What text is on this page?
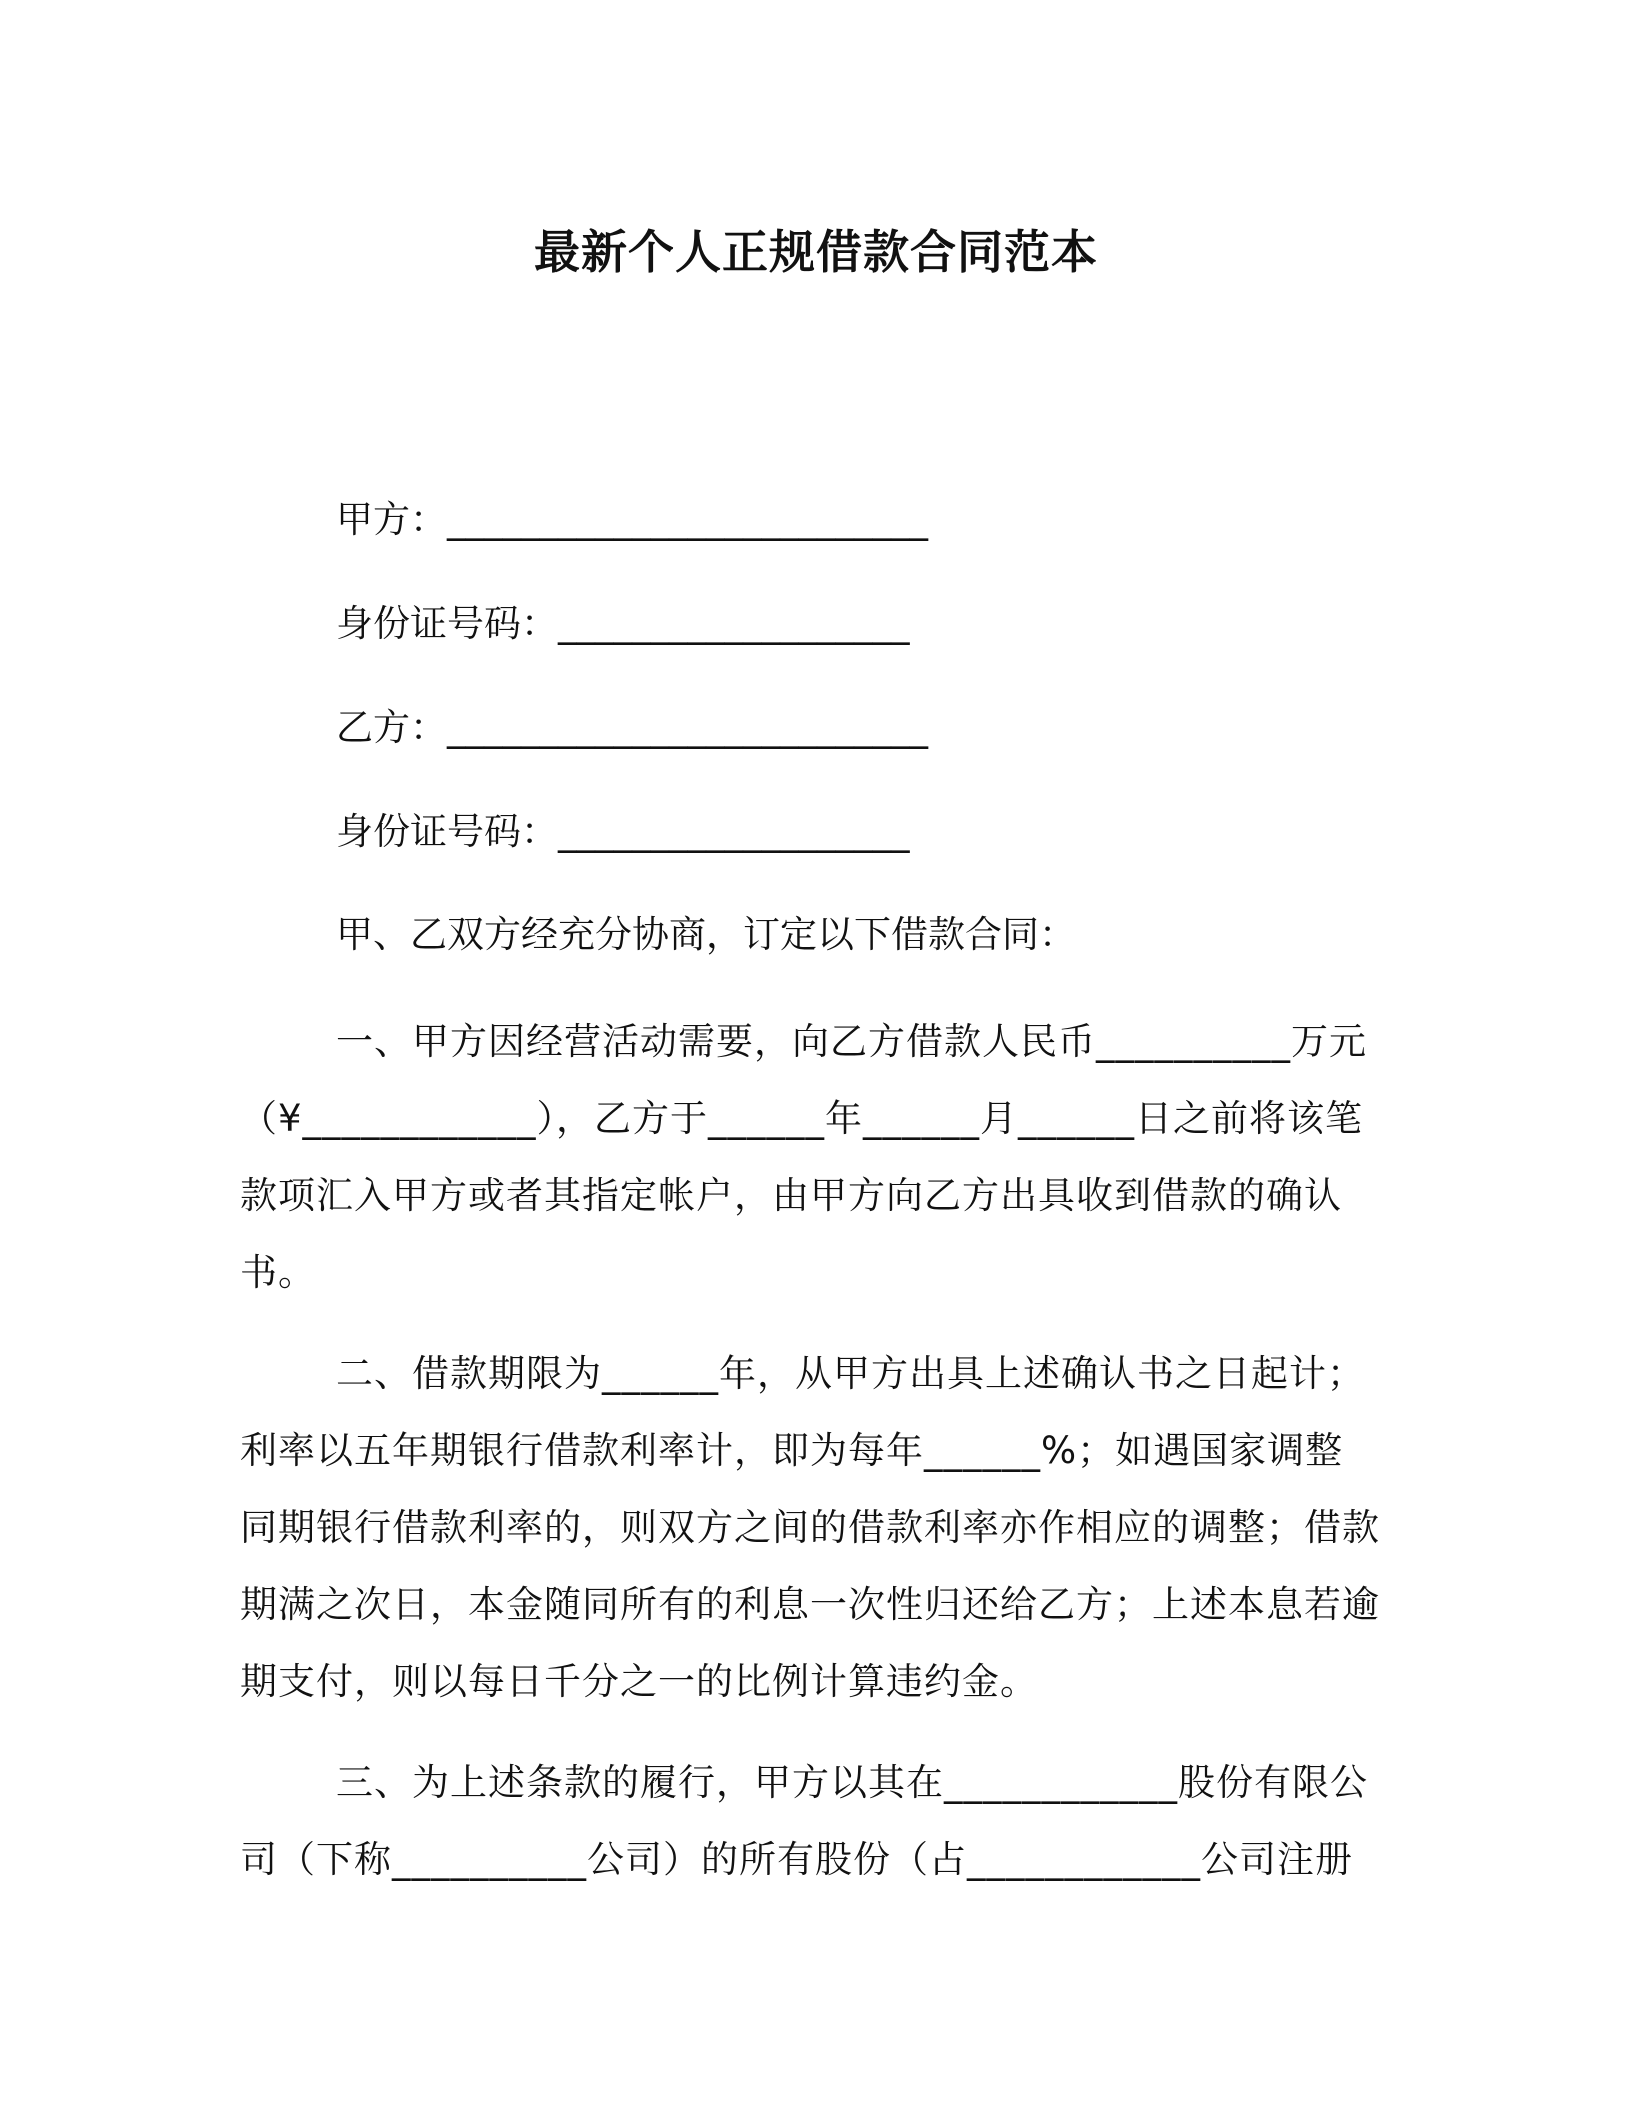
最新个人正规借款合同范本
甲方：__________________________
身份证号码：___________________
乙方：__________________________
身份证号码：___________________
甲、乙双方经充分协商，订定以下借款合同：
一、甲方因经营活动需要，向乙方借款人民币__________万元（¥____________），乙方于______年______月______日之前将该笔款项汇入甲方或者其指定帐户，由甲方向乙方出具收到借款的确认书。
二、借款期限为______年，从甲方出具上述确认书之日起计；利率以五年期银行借款利率计，即为每年______%；如遇国家调整同期银行借款利率的，则双方之间的借款利率亦作相应的调整；借款期满之次日，本金随同所有的利息一次性归还给乙方；上述本息若逾期支付，则以每日千分之一的比例计算违约金。
三、为上述条款的履行，甲方以其在____________股份有限公司（下称__________公司）的所有股份（占____________公司注册
